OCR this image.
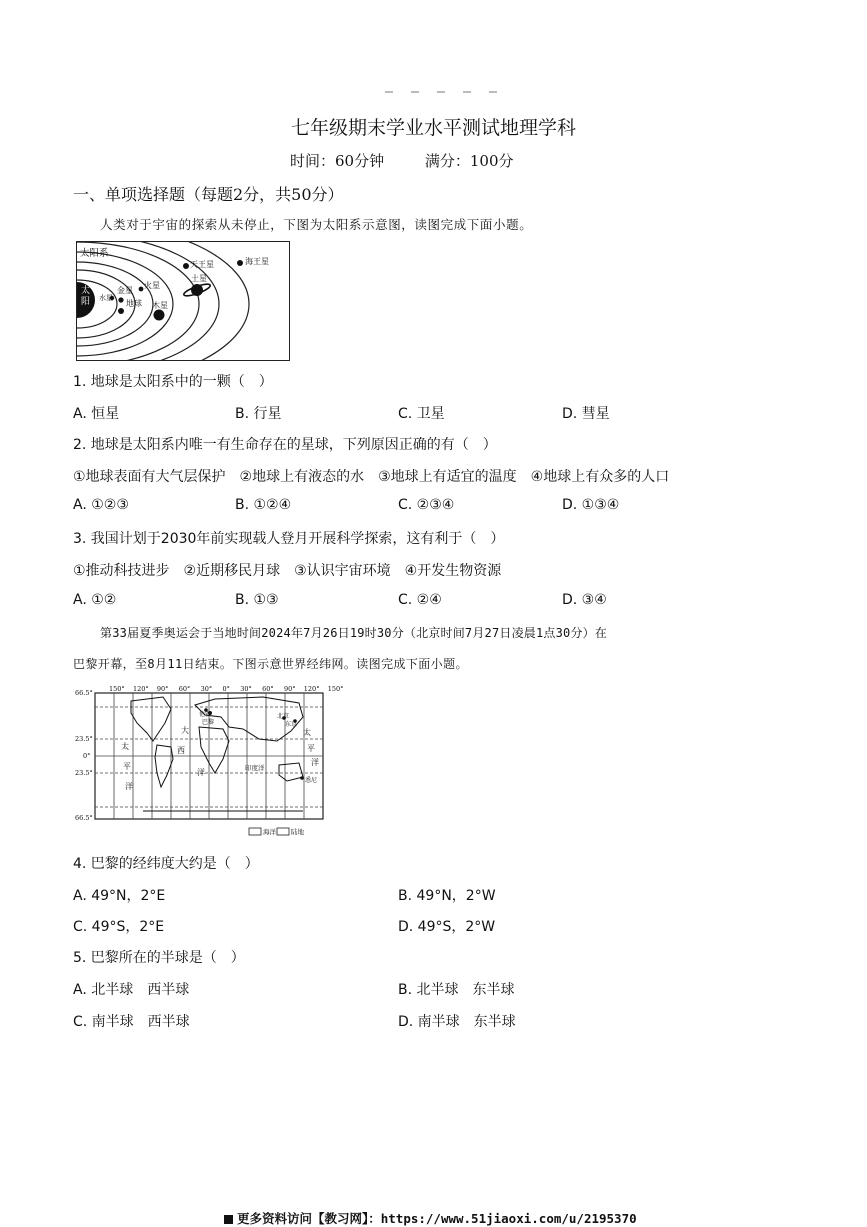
七年级期末学业水平测试地理学科
时间：60分钟	满分：100分
一、单项选择题（每题2分，共50分）
人类对于宇宙的探索从未停止，下图为太阳系示意图，读图完成下面小题。
太阳系
太阳 水星
金星
地球
火星
木星
土星
天王星	海王星
1. 地球是太阳系中的一颗（　）
A. 恒星	B. 行星	C. 卫星	D. 彗星
2. 地球是太阳系内唯一有生命存在的星球，下列原因正确的有（　）
①地球表面有大气层保护　②地球上有液态的水　③地球上有适宜的温度　④地球上有众多的人口
A. ①②③	B. ①②④	C. ②③④	D. ①③④
3. 我国计划于2030年前实现载人登月开展科学探索，这有利于（　）
①推动科技进步　②近期移民月球　③认识宇宙环境　④开发生物资源
A. ①②	B. ①③	C. ②④	D. ③④
第33届夏季奥运会于当地时间2024年7月26日19时30分（北京时间7月27日凌晨1点30分）在
巴黎开幕，至8月11日结束。下图示意世界经纬网。读图完成下面小题。
150° 120° 90° 60° 30° 0° 30° 60° 90° 120° 150°
66.5°
23.5°
0°
23.5°
66.5°
太
平
洋
大
西
洋	印度洋
太
平
洋
伦敦
巴黎
北京
东京
悉尼
海洋 陆地
4. 巴黎的经纬度大约是（　）
A. 49°N，2°E	B. 49°N，2°W
C. 49°S，2°E	D. 49°S，2°W
5. 巴黎所在的半球是（　）
A. 北半球　西半球	B. 北半球　东半球
C. 南半球　西半球	D. 南半球　东半球
更多资料访问【教习网】：https://www.51jiaoxi.com/u/2195370
